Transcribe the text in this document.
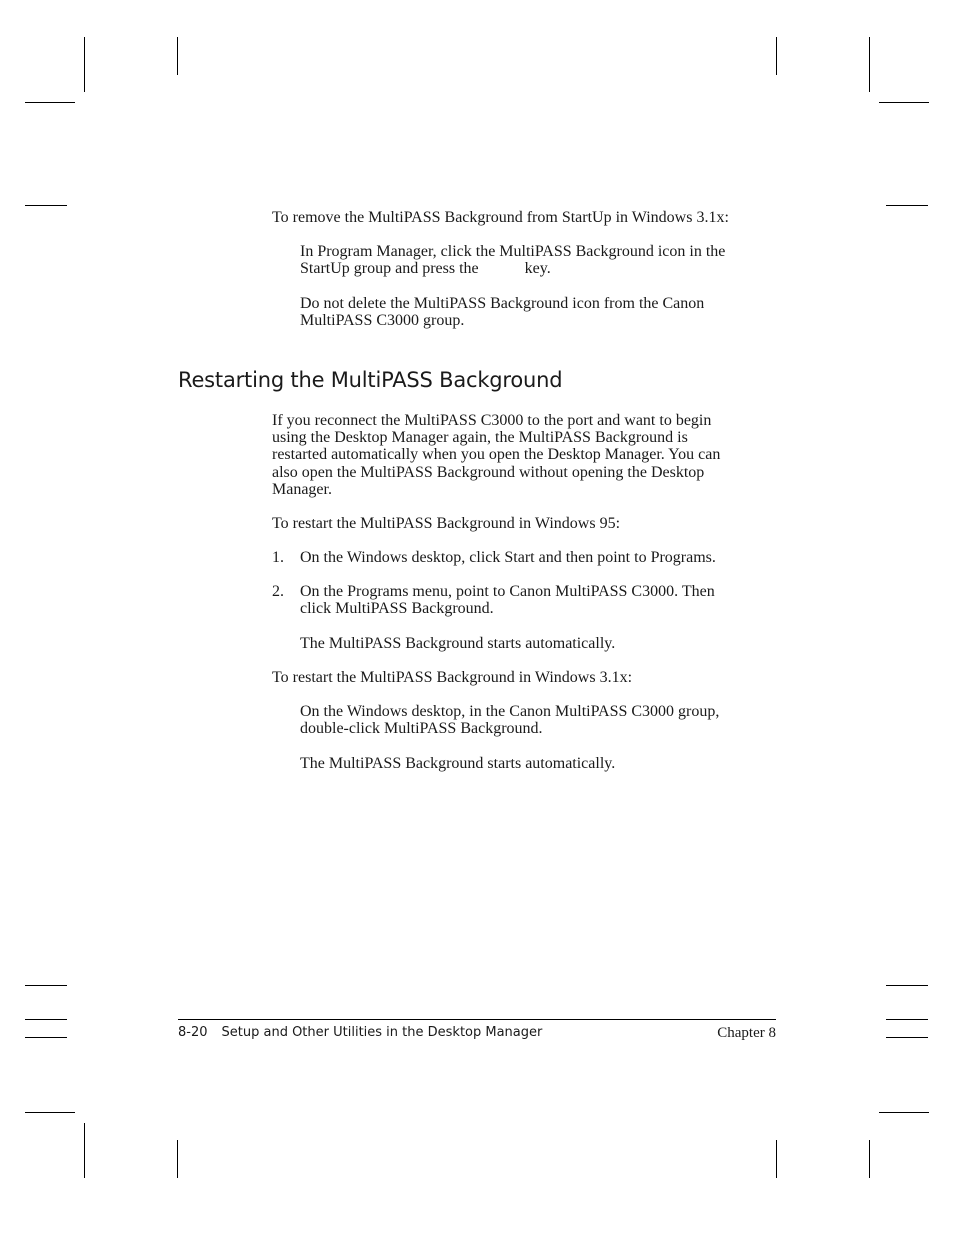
To remove the MultiPASS Background from StartUp in Windows 3.1x:

In Program Manager, click the MultiPASS Background icon in the
StartUp group and press the	key.

Do not delete the MultiPASS Background icon from the Canon
MultiPASS C3000 group.

Restarting the MultiPASS Background

If you reconnect the MultiPASS C3000 to the port and want to begin
using the Desktop Manager again, the MultiPASS Background is
restarted automatically when you open the Desktop Manager. You can
also open the MultiPASS Background without opening the Desktop
Manager.

To restart the MultiPASS Background in Windows 95:

1. On the Windows desktop, click Start and then point to Programs.

2. On the Programs menu, point to Canon MultiPASS C3000. Then
click MultiPASS Background.

The MultiPASS Background starts automatically.

To restart the MultiPASS Background in Windows 3.1x:

On the Windows desktop, in the Canon MultiPASS C3000 group,
double-click MultiPASS Background.

The MultiPASS Background starts automatically.

8-20 Setup and Other Utilities in the Desktop Manager	Chapter 8
